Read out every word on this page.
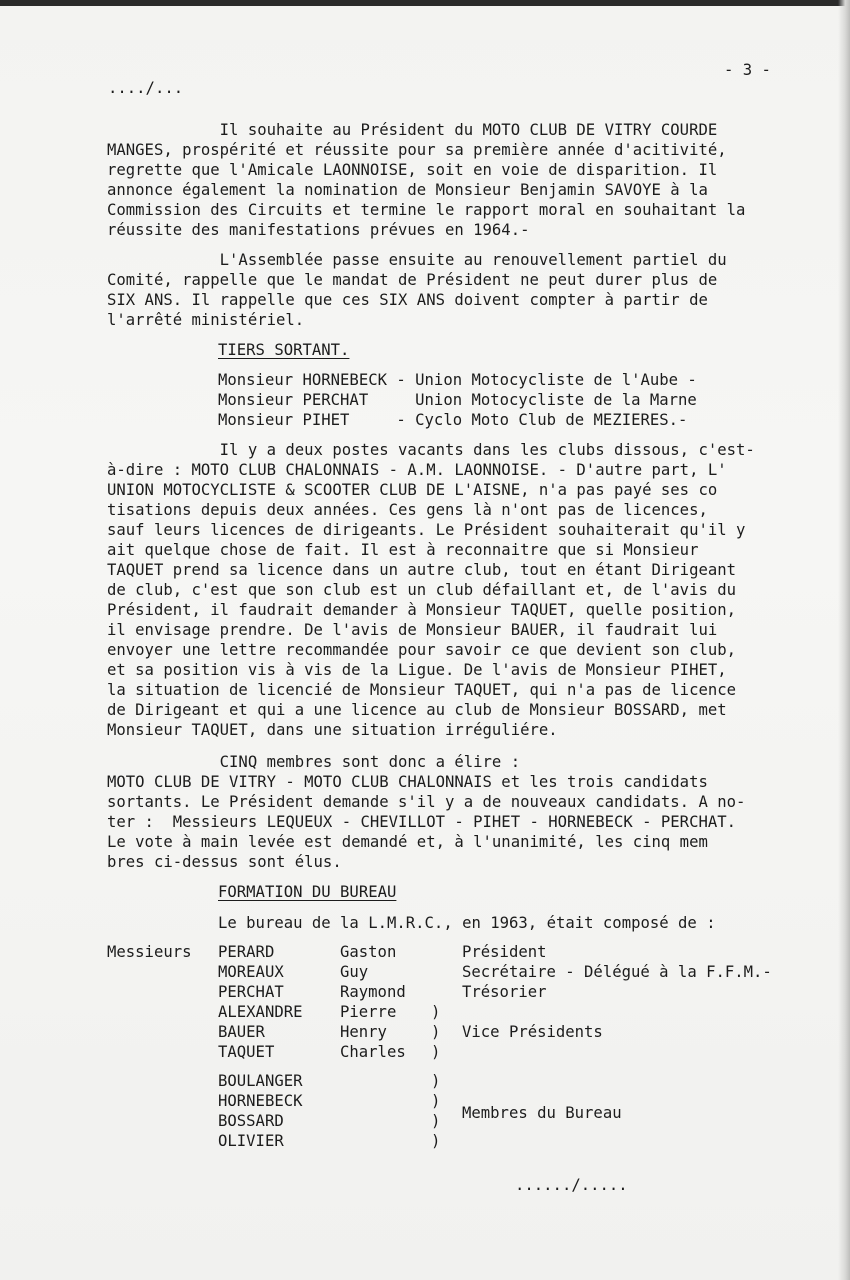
..../...
- 3 -

Il souhaite au Président du MOTO CLUB DE VITRY COURDE

MANGES, prospérité et réussite pour sa première année d'acitivité,

regrette que l'Amicale LAONNOISE, soit en voie de disparition. Il

annonce également la nomination de Monsieur Benjamin SAVOYE à la

Commission des Circuits et termine le rapport moral en souhaitant la

réussite des manifestations prévues en 1964.-

L'Assemblée passe ensuite au renouvellement partiel du

Comité, rappelle que le mandat de Président ne peut durer plus de

SIX ANS. Il rappelle que ces SIX ANS doivent compter à partir de

l'arrêté ministériel.

TIERS SORTANT.

Monsieur HORNEBECK - Union Motocycliste de l'Aube -

Monsieur PERCHAT     Union Motocycliste de la Marne

Monsieur PIHET     - Cyclo Moto Club de MEZIERES.-

Il y a deux postes vacants dans les clubs dissous, c'est-

à-dire : MOTO CLUB CHALONNAIS - A.M. LAONNOISE. - D'autre part, L'

UNION MOTOCYCLISTE & SCOOTER CLUB DE L'AISNE, n'a pas payé ses co

tisations depuis deux années. Ces gens là n'ont pas de licences,

sauf leurs licences de dirigeants. Le Président souhaiterait qu'il y

ait quelque chose de fait. Il est à reconnaitre que si Monsieur

TAQUET prend sa licence dans un autre club, tout en étant Dirigeant

de club, c'est que son club est un club défaillant et, de l'avis du

Président, il faudrait demander à Monsieur TAQUET, quelle position,

il envisage prendre. De l'avis de Monsieur BAUER, il faudrait lui

envoyer une lettre recommandée pour savoir ce que devient son club,

et sa position vis à vis de la Ligue. De l'avis de Monsieur PIHET,

la situation de licencié de Monsieur TAQUET, qui n'a pas de licence

de Dirigeant et qui a une licence au club de Monsieur BOSSARD, met

Monsieur TAQUET, dans une situation irréguliére.

CINQ membres sont donc a élire :

MOTO CLUB DE VITRY - MOTO CLUB CHALONNAIS et les trois candidats

sortants. Le Président demande s'il y a de nouveaux candidats. A no-

ter :  Messieurs LEQUEUX - CHEVILLOT - PIHET - HORNEBECK - PERCHAT.

Le vote à main levée est demandé et, à l'unanimité, les cinq mem

bres ci-dessus sont élus.

FORMATION DU BUREAU
Le bureau de la L.M.R.C., en 1963, était composé de :
Messieurs PERARD
MOREAUX
PERCHAT
ALEXANDRE
BAUER
TAQUET
Gaston
Guy
Raymond
Pierre
Henry
Charles
)
)
)
Président
Secrétaire - Délégué à la F.F.M.-
Trésorier
Vice Présidents
BOULANGER
HORNEBECK
BOSSARD
OLIVIER
)
)
)
)
Membres du Bureau
....../.....
